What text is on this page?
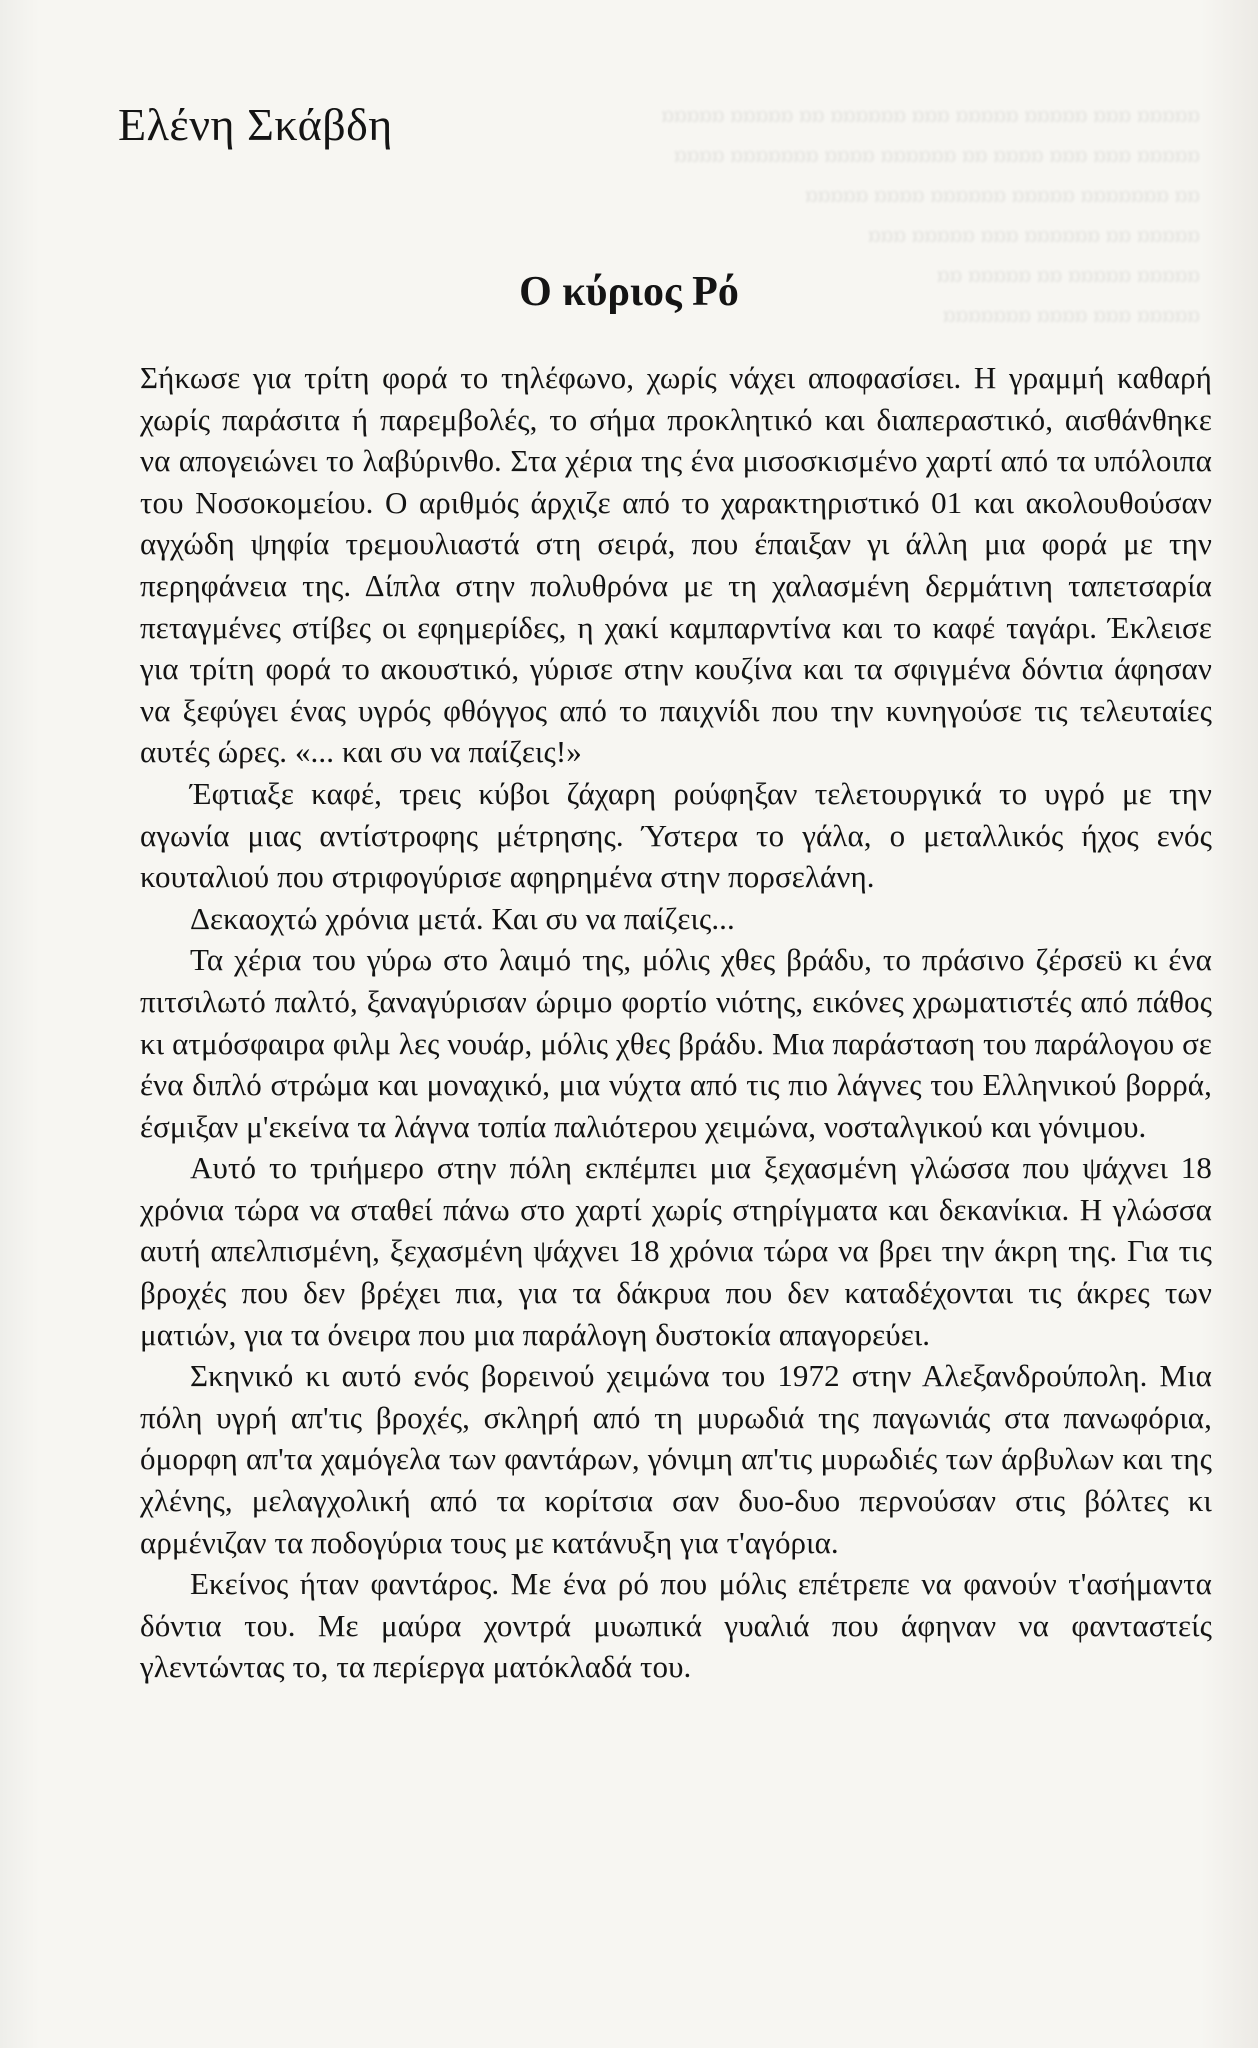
ααααα ααα ααααα ααααα ααα αααααα αα ααααα ααααα
ααααα ααα ααα αααα αα αααααα αααα ααααααα αααα
αα ααααααα ααααα αααααα αααα ααααα
ααααα αα αααααα ααα ααααα ααα
ααααα ααααα αα ααααα αα
ααααα ααα αααα ααααααα
Ελένη Σκάβδη
Ο κύριος Ρό

Σήκωσε για τρίτη φορά το τηλέφωνο, χωρίς νάχει αποφασίσει. Η γραμμή καθαρή χωρίς παράσιτα ή παρεμβολές, το σήμα προκλητικό και διαπεραστικό, αισθάνθηκε να απογειώνει το λαβύρινθο. Στα χέρια της ένα μισοσκισμένο χαρτί από τα υπόλοιπα του Νοσοκομείου. Ο αριθμός άρχιζε από το χαρακτηριστικό 01 και ακολουθούσαν αγχώδη ψηφία τρεμουλιαστά στη σειρά, που έπαιξαν γι άλλη μια φορά με την περηφάνεια της. Δίπλα στην πολυθρόνα με τη χαλασμένη δερμάτινη ταπετσαρία πεταγμένες στίβες οι εφημερίδες, η χακί καμπαρντίνα και το καφέ ταγάρι. Έκλεισε για τρίτη φορά το ακουστικό, γύρισε στην κουζίνα και τα σφιγμένα δόντια άφησαν να ξεφύγει ένας υγρός φθόγγος από το παιχνίδι που την κυνηγούσε τις τελευταίες αυτές ώρες. «... και συ να παίζεις!»

Έφτιαξε καφέ, τρεις κύβοι ζάχαρη ρούφηξαν τελετουργικά το υγρό με την αγωνία μιας αντίστροφης μέτρησης. Ύστερα το γάλα, ο μεταλλικός ήχος ενός κουταλιού που στριφογύρισε αφηρημένα στην πορσελάνη.

Δεκαοχτώ χρόνια μετά. Και συ να παίζεις...

Τα χέρια του γύρω στο λαιμό της, μόλις χθες βράδυ, το πράσινο ζέρσεϋ κι ένα πιτσιλωτό παλτό, ξαναγύρισαν ώριμο φορτίο νιότης, εικόνες χρωματιστές από πάθος κι ατμόσφαιρα φιλμ λες νουάρ, μόλις χθες βράδυ. Μια παράσταση του παράλογου σε ένα διπλό στρώμα και μοναχικό, μια νύχτα από τις πιο λάγνες του Ελληνικού βορρά, έσμιξαν μ'εκείνα τα λάγνα τοπία παλιότερου χειμώνα, νοσταλγικού και γόνιμου.

Αυτό το τριήμερο στην πόλη εκπέμπει μια ξεχασμένη γλώσσα που ψάχνει 18 χρόνια τώρα να σταθεί πάνω στο χαρτί χωρίς στηρίγματα και δεκανίκια. Η γλώσσα αυτή απελπισμένη, ξεχασμένη ψάχνει 18 χρόνια τώρα να βρει την άκρη της. Για τις βροχές που δεν βρέχει πια, για τα δάκρυα που δεν καταδέχονται τις άκρες των ματιών, για τα όνειρα που μια παράλογη δυστοκία απαγορεύει.

Σκηνικό κι αυτό ενός βορεινού χειμώνα του 1972 στην Αλεξανδρούπολη. Μια πόλη υγρή απ'τις βροχές, σκληρή από τη μυρωδιά της παγωνιάς στα πανωφόρια, όμορφη απ'τα χαμόγελα των φαντάρων, γόνιμη απ'τις μυρωδιές των άρβυλων και της χλένης, μελαγχολική από τα κορίτσια σαν δυο-δυο περνούσαν στις βόλτες κι αρμένιζαν τα ποδογύρια τους με κατάνυξη για τ'αγόρια.

Εκείνος ήταν φαντάρος. Με ένα ρό που μόλις επέτρεπε να φανούν τ'ασήμαντα δόντια του. Με μαύρα χοντρά μυωπικά γυαλιά που άφηναν να φανταστείς γλεντώντας το, τα περίεργα ματόκλαδά του.
